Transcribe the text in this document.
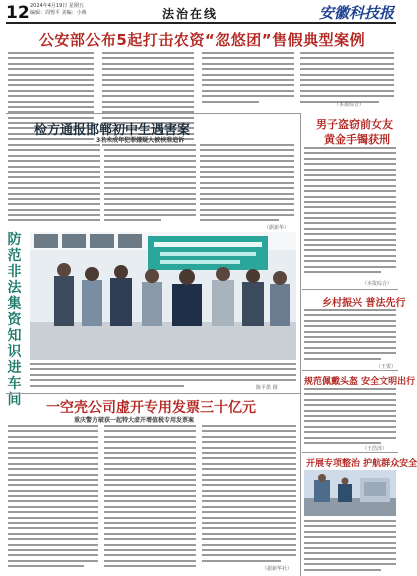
12 2024年4月19日 星期五
编辑：周惶平 美编：小蒋	法治在线	安徽科技报
公安部公布5起打击农资“忽悠团”售假典型案例
（本报综合）
检方通报邯郸初中生遇害案
3名未成年犯罪嫌疑人被核准追诉
（据新华）
男子盗窃前女友
黄金手镯获刑
（本报综合）
乡村振兴 普法先行
（王贺）
规范佩戴头盔 安全文明出行
（王浩泽）
开展专项整治 护航群众安全
防
范
非
法
集
资
知
识
进
车
间
陈平供 摄
一空壳公司虚开专用发票三十亿元
重庆警方破获一起特大虚开增值税专用发票案
（据新华社）
